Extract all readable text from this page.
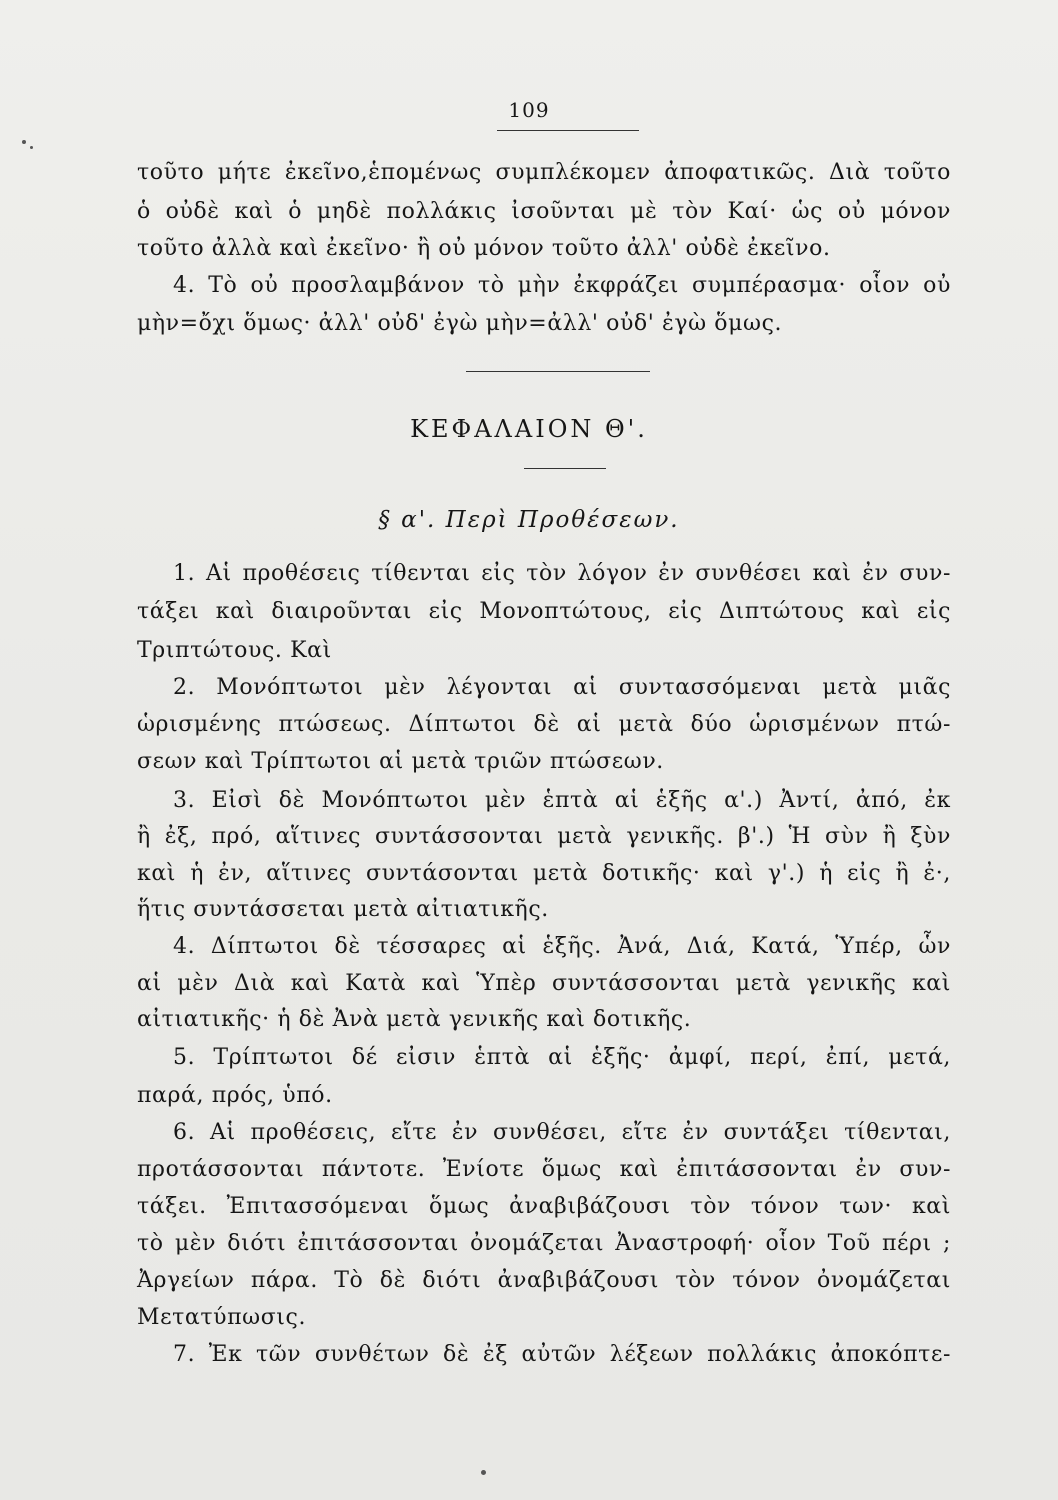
109
τοῦτο μήτε ἐκεῖνο,ἑπομένως συμπλέκομεν ἀποφατικῶς. Διὰ τοῦτο
ὁ οὐδὲ καὶ ὁ μηδὲ πολλάκις ἰσοῦνται μὲ τὸν Καί· ὡς οὐ μόνον
τοῦτο ἀλλὰ καὶ ἐκεῖνο· ἢ οὐ μόνον τοῦτο ἀλλ' οὐδὲ ἐκεῖνο.
4. Τὸ οὐ προσλαμβάνον τὸ μὴν ἐκφράζει συμπέρασμα· οἷον οὐ
μὴν=ὄχι ὅμως· ἀλλ' οὐδ' ἐγὼ μὴν=ἀλλ' οὐδ' ἐγὼ ὅμως.
ΚΕΦΑΛΑΙΟΝ Θ'.
§ α'. Περὶ Προθέσεων.
1. Αἱ προθέσεις τίθενται εἰς τὸν λόγον ἐν συνθέσει καὶ ἐν συν-
τάξει καὶ διαιροῦνται εἰς Μονοπτώτους, εἰς Διπτώτους καὶ εἰς
Τριπτώτους. Καὶ
2. Μονόπτωτοι μὲν λέγονται αἱ συντασσόμεναι μετὰ μιᾶς
ὡρισμένης πτώσεως. Δίπτωτοι δὲ αἱ μετὰ δύο ὡρισμένων πτώ-
σεων καὶ Τρίπτωτοι αἱ μετὰ τριῶν πτώσεων.
3. Εἰσὶ δὲ Μονόπτωτοι μὲν ἑπτὰ αἱ ἑξῆς α'.) Ἀντί, ἀπό, ἐκ
ἢ ἐξ, πρό, αἵτινες συντάσσονται μετὰ γενικῆς. β'.) Ἡ σὺν ἢ ξὺν
καὶ ἡ ἐν, αἵτινες συντάσονται μετὰ δοτικῆς· καὶ γ'.) ἡ εἰς ἢ ἐ·,
ἥτις συντάσσεται μετὰ αἰτιατικῆς.
4. Δίπτωτοι δὲ τέσσαρες αἱ ἑξῆς. Ἀνά, Διά, Κατά, Ὑπέρ, ὧν
αἱ μὲν Διὰ καὶ Κατὰ καὶ Ὑπὲρ συντάσσονται μετὰ γενικῆς καὶ
αἰτιατικῆς· ἡ δὲ Ἀνὰ μετὰ γενικῆς καὶ δοτικῆς.
5. Τρίπτωτοι δέ εἰσιν ἑπτὰ αἱ ἑξῆς· ἀμφί, περί, ἐπί, μετά,
παρά, πρός, ὑπό.
6. Αἱ προθέσεις, εἴτε ἐν συνθέσει, εἴτε ἐν συντάξει τίθενται,
προτάσσονται πάντοτε. Ἐνίοτε ὅμως καὶ ἐπιτάσσονται ἐν συν-
τάξει. Ἐπιτασσόμεναι ὅμως ἀναβιβάζουσι τὸν τόνον των· καὶ
τὸ μὲν διότι ἐπιτάσσονται ὀνομάζεται Ἀναστροφή· οἷον Τοῦ πέρι ;
Ἀργείων πάρα. Τὸ δὲ διότι ἀναβιβάζουσι τὸν τόνον ὀνομάζεται
Μετατύπωσις.
7. Ἐκ τῶν συνθέτων δὲ ἐξ αὐτῶν λέξεων πολλάκις ἀποκόπτε-
